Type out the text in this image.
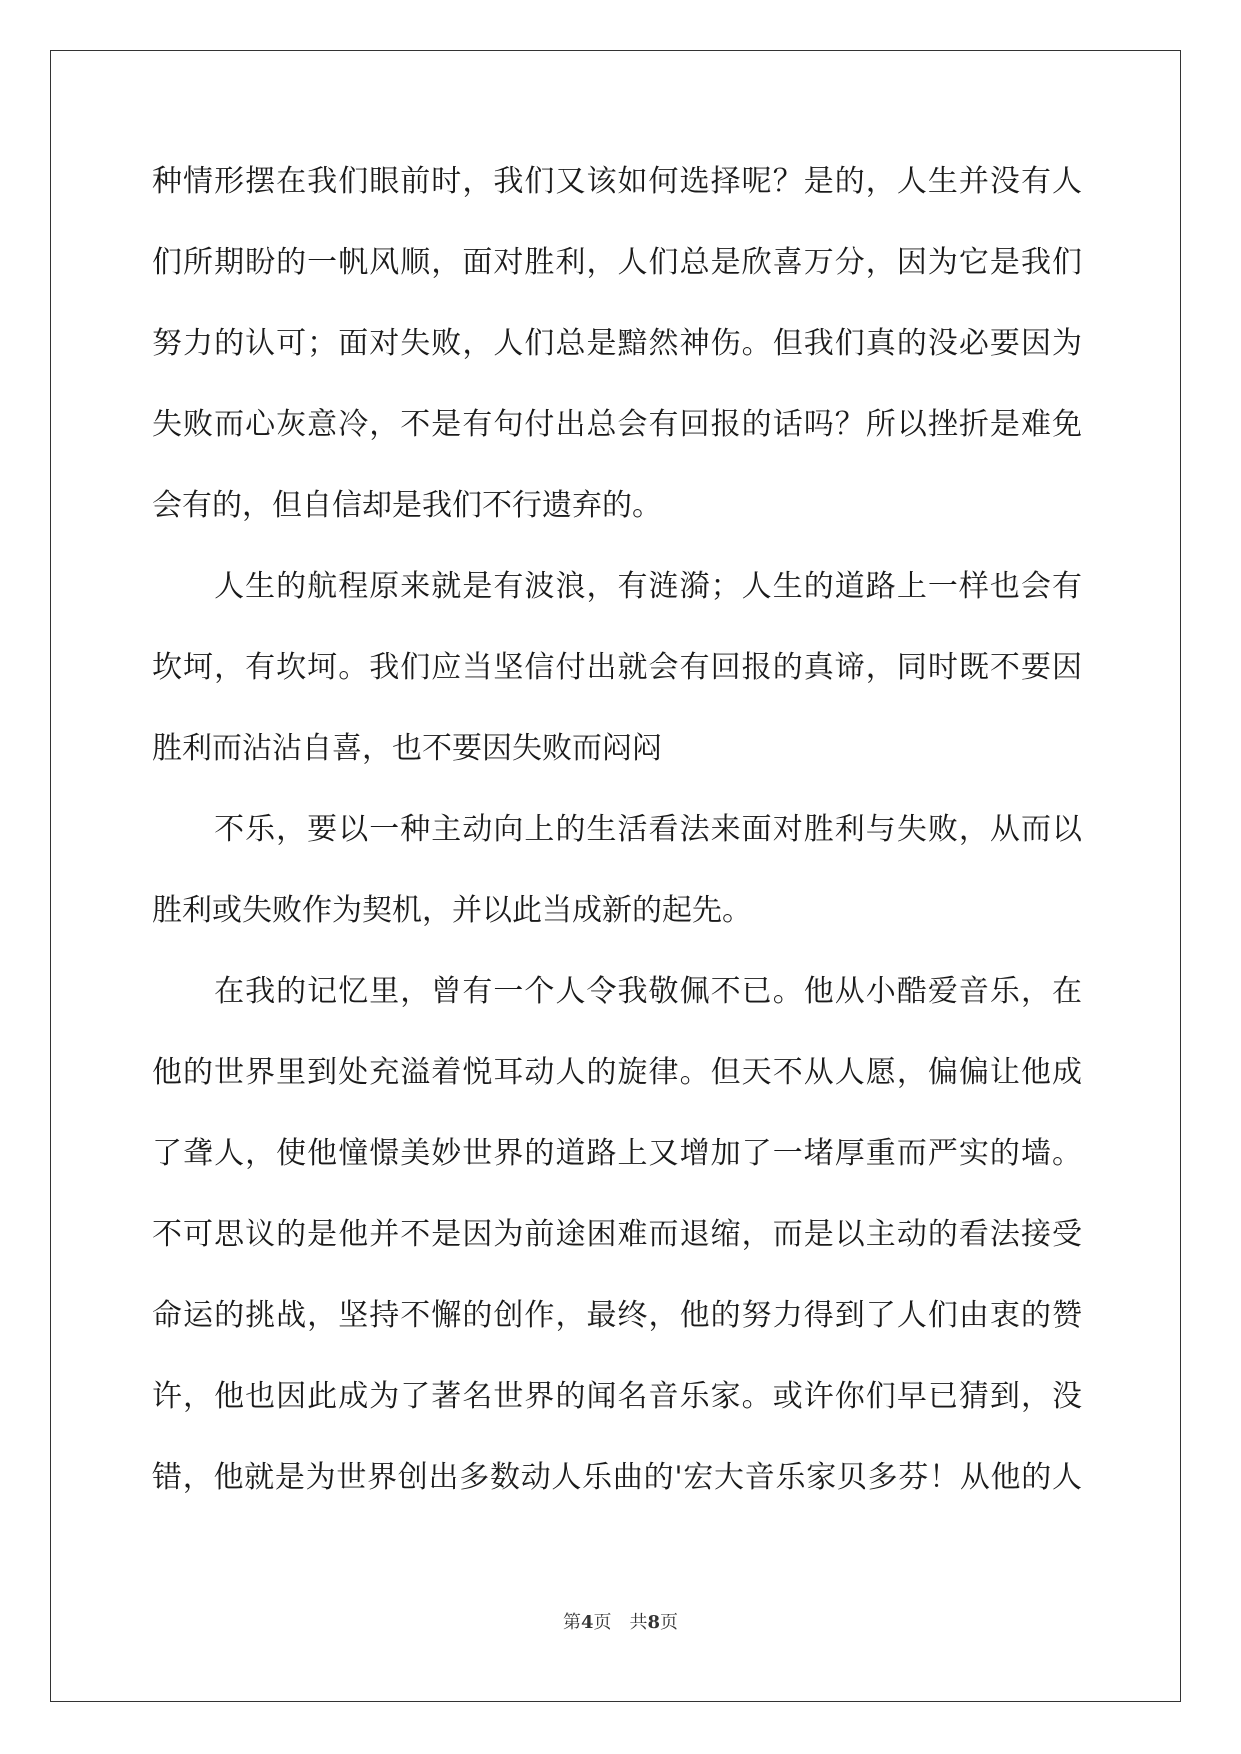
种情形摆在我们眼前时，我们又该如何选择呢？是的，人生并没有人
们所期盼的一帆风顺，面对胜利，人们总是欣喜万分，因为它是我们
努力的认可；面对失败，人们总是黯然神伤。但我们真的没必要因为
失败而心灰意冷，不是有句付出总会有回报的话吗？所以挫折是难免
会有的，但自信却是我们不行遗弃的。
　　人生的航程原来就是有波浪，有涟漪；人生的道路上一样也会有
坎坷，有坎坷。我们应当坚信付出就会有回报的真谛，同时既不要因
胜利而沾沾自喜，也不要因失败而闷闷
　　不乐，要以一种主动向上的生活看法来面对胜利与失败，从而以
胜利或失败作为契机，并以此当成新的起先。
　　在我的记忆里，曾有一个人令我敬佩不已。他从小酷爱音乐，在
他的世界里到处充溢着悦耳动人的旋律。但天不从人愿，偏偏让他成
了聋人，使他憧憬美妙世界的道路上又增加了一堵厚重而严实的墙。
不可思议的是他并不是因为前途困难而退缩，而是以主动的看法接受
命运的挑战，坚持不懈的创作，最终，他的努力得到了人们由衷的赞
许，他也因此成为了著名世界的闻名音乐家。或许你们早已猜到，没
错，他就是为世界创出多数动人乐曲的'宏大音乐家贝多芬！从他的人
第4页 共8页
